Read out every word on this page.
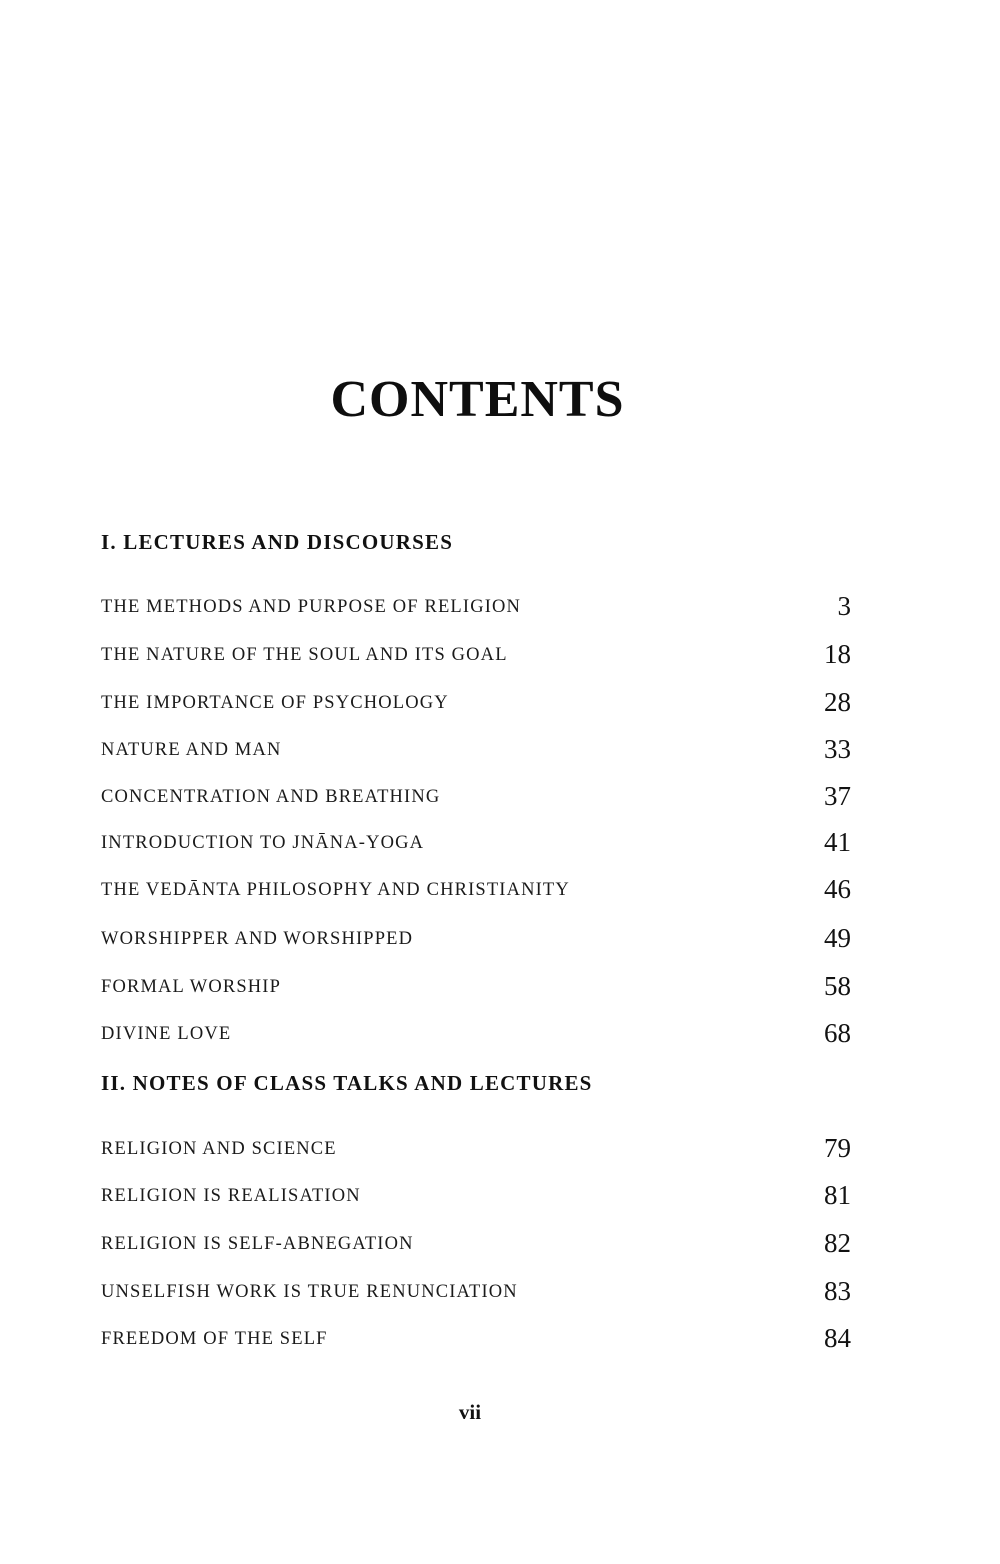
CONTENTS
I. LECTURES AND DISCOURSES
THE METHODS AND PURPOSE OF RELIGION	3
THE NATURE OF THE SOUL AND ITS GOAL	18
THE IMPORTANCE OF PSYCHOLOGY	28
NATURE AND MAN	33
CONCENTRATION AND BREATHING	37
INTRODUCTION TO JNĀNA-YOGA	41
THE VEDĀNTA PHILOSOPHY AND CHRISTIANITY	46
WORSHIPPER AND WORSHIPPED	49
FORMAL WORSHIP	58
DIVINE LOVE	68
II. NOTES OF CLASS TALKS AND LECTURES
RELIGION AND SCIENCE	79
RELIGION IS REALISATION	81
RELIGION IS SELF-ABNEGATION	82
UNSELFISH WORK IS TRUE RENUNCIATION	83
FREEDOM OF THE SELF	84
vii
